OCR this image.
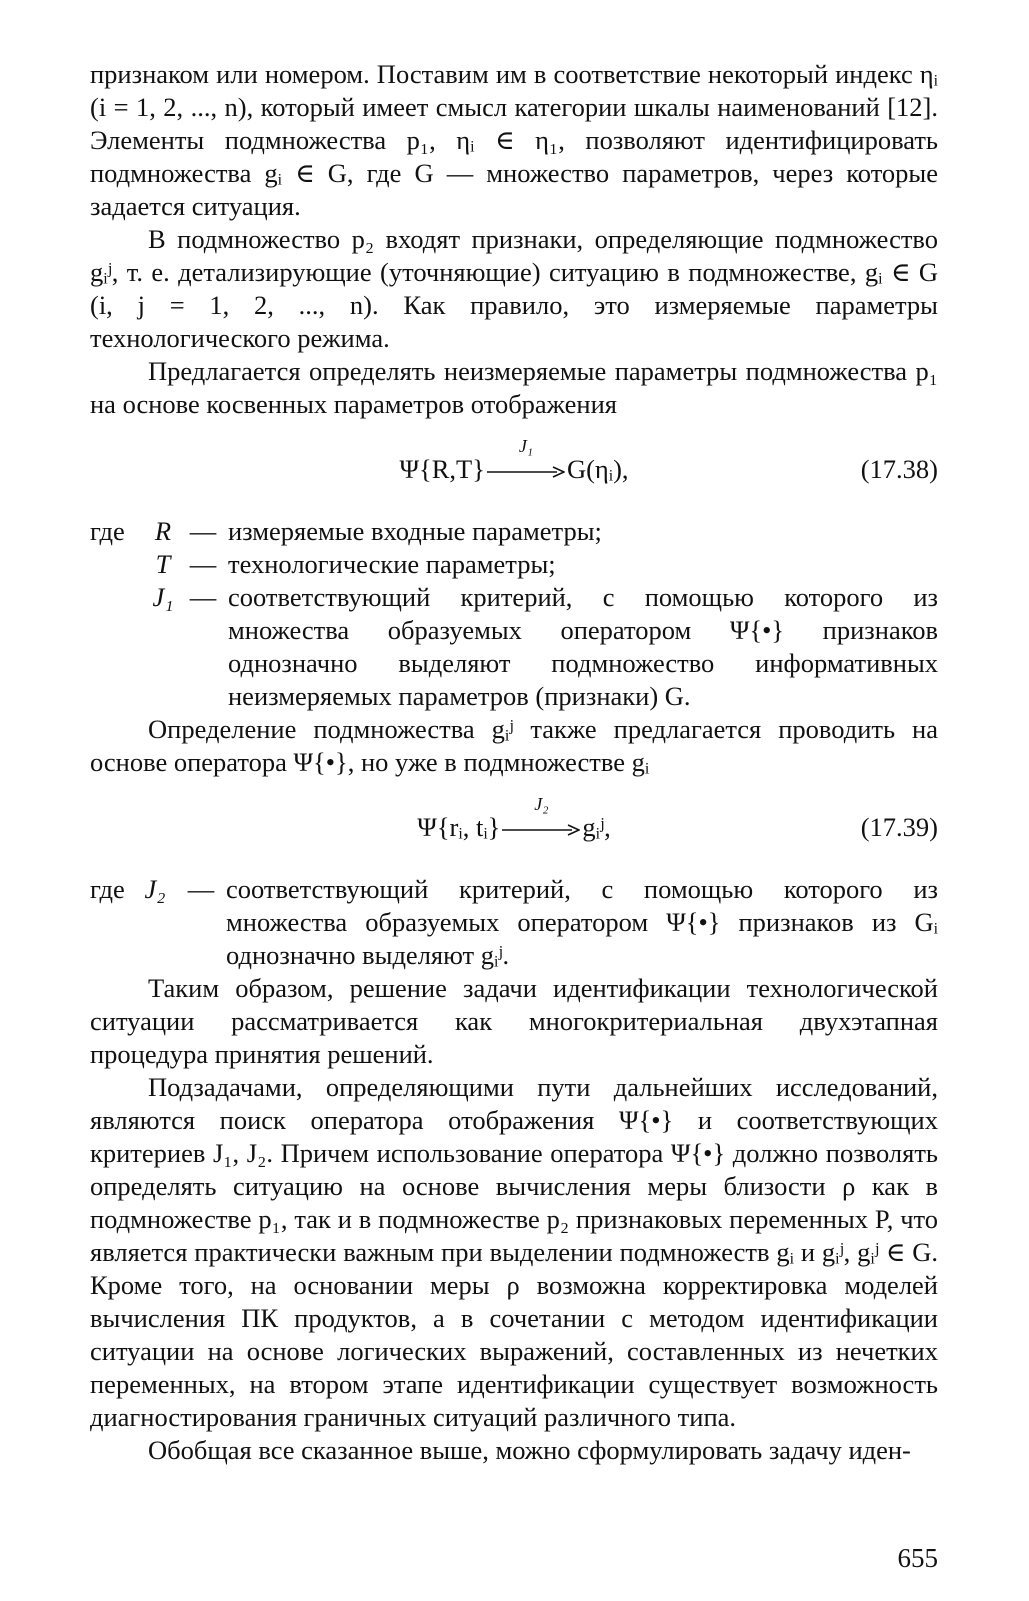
признаком или номером. Поставим им в соответствие некоторый индекс ηᵢ (i = 1, 2, ..., n), который имеет смысл категории шкалы наименований [12]. Элементы подмножества p₁, ηᵢ ∈ η₁, позволяют идентифицировать подмножества gᵢ ∈ G, где G — множество параметров, через которые задается ситуация.

В подмножество p₂ входят признаки, определяющие подмножество gᵢʲ, т. е. детализирующие (уточняющие) ситуацию в подмножестве, gᵢ ∈ G (i, j = 1, 2, ..., n). Как правило, это измеряемые параметры технологического режима.

Предлагается определять неизмеряемые параметры подмножества p₁ на основе косвенных параметров отображения

Ψ{R,T}
J₁
G(ηᵢ),	(17.38)
где	R — измеряемые входные параметры;
T — технологические параметры;
J₁ — соответствующий критерий, с помощью которого из множества образуемых оператором Ψ{•} признаков однозначно выделяют подмножество информативных неизмеряемых параметров (признаки) G.

Определение подмножества gᵢʲ также предлагается проводить на основе оператора Ψ{•}, но уже в подмножестве gᵢ

Ψ{rᵢ, tᵢ}
J₂
gᵢʲ,	(17.39)
где J₂ — соответствующий критерий, с помощью которого из множества образуемых оператором Ψ{•} признаков из Gᵢ однозначно выделяют gᵢʲ.

Таким образом, решение задачи идентификации технологической ситуации рассматривается как многокритериальная двухэтапная процедура принятия решений.

Подзадачами, определяющими пути дальнейших исследований, являются поиск оператора отображения Ψ{•} и соответствующих критериев J₁, J₂. Причем использование оператора Ψ{•} должно позволять определять ситуацию на основе вычисления меры близости ρ как в подмножестве p₁, так и в подмножестве p₂ признаковых переменных P, что является практически важным при выделении подмножеств gᵢ и gᵢʲ, gᵢʲ ∈ G. Кроме того, на основании меры ρ возможна корректировка моделей вычисления ПК продуктов, а в сочетании с методом идентификации ситуации на основе логических выражений, составленных из нечетких переменных, на втором этапе идентификации существует возможность диагностирования граничных ситуаций различного типа.

Обобщая все сказанное выше, можно сформулировать задачу иден-

655
